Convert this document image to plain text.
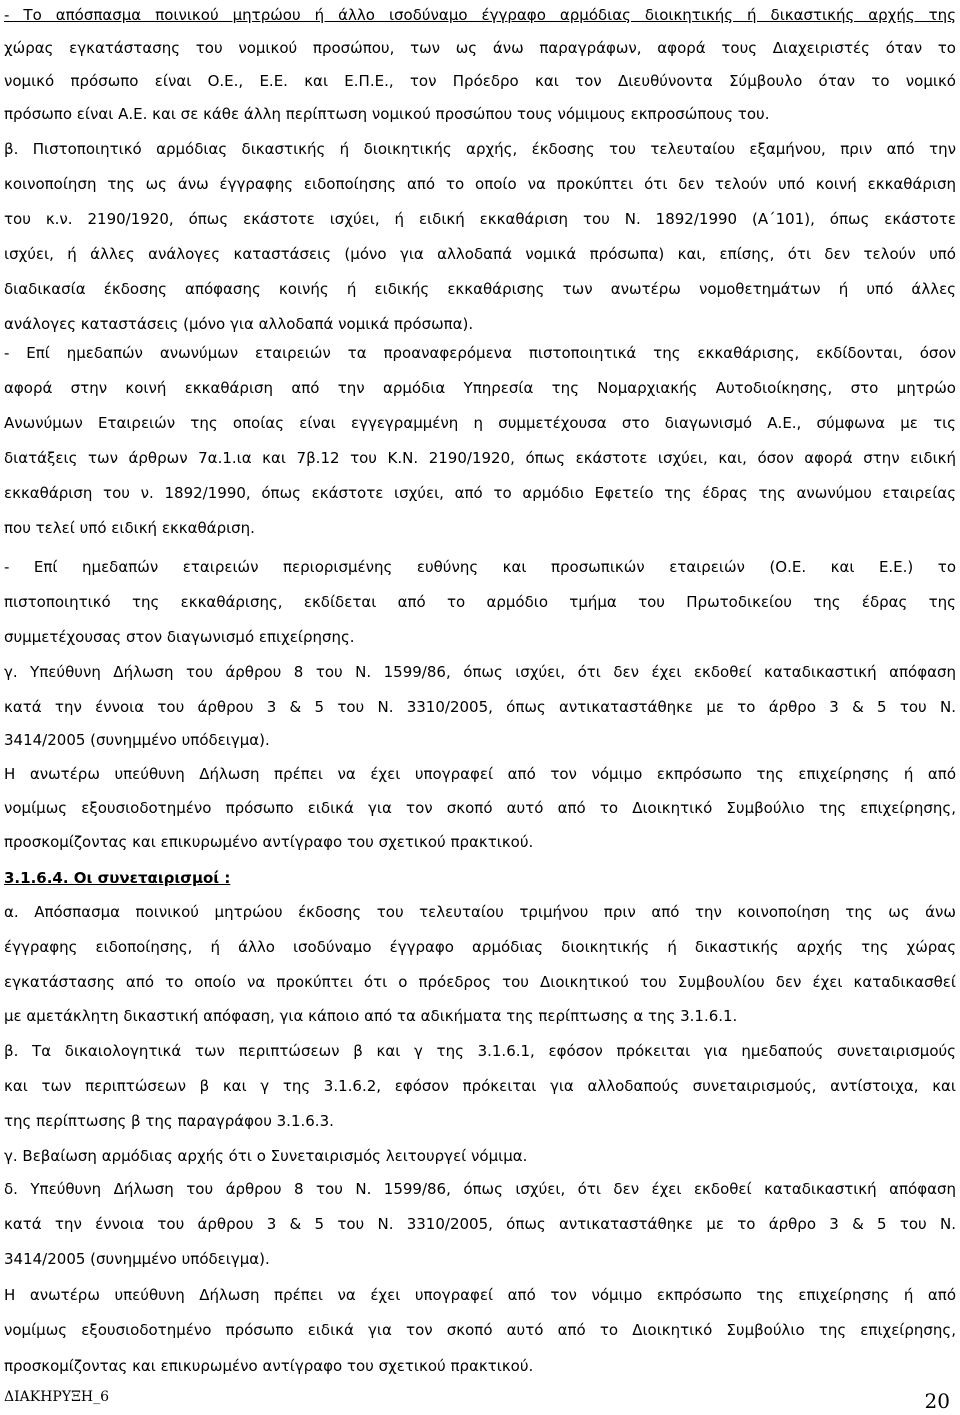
- Το απόσπασμα ποινικού μητρώου ή άλλο ισοδύναμο έγγραφο αρμόδιας διοικητικής ή δικαστικής αρχής της
χώρας εγκατάστασης του νομικού προσώπου, των ως άνω παραγράφων, αφορά τους Διαχειριστές όταν το
νομικό πρόσωπο είναι Ο.Ε., Ε.Ε. και Ε.Π.Ε., τον Πρόεδρο και τον Διευθύνοντα Σύμβουλο όταν το νομικό
πρόσωπο είναι Α.Ε. και σε κάθε άλλη περίπτωση νομικού προσώπου τους νόμιμους εκπροσώπους του.
β. Πιστοποιητικό αρμόδιας δικαστικής ή διοικητικής αρχής, έκδοσης του τελευταίου εξαμήνου, πριν από την
κοινοποίηση της ως άνω έγγραφης ειδοποίησης από το οποίο να προκύπτει ότι δεν τελούν υπό κοινή εκκαθάριση
του κ.ν. 2190/1920, όπως εκάστοτε ισχύει, ή ειδική εκκαθάριση του Ν. 1892/1990 (Α΄101), όπως εκάστοτε
ισχύει, ή άλλες ανάλογες καταστάσεις (μόνο για αλλοδαπά νομικά πρόσωπα) και, επίσης, ότι δεν τελούν υπό
διαδικασία έκδοσης απόφασης κοινής ή ειδικής εκκαθάρισης των ανωτέρω νομοθετημάτων ή υπό άλλες
ανάλογες καταστάσεις (μόνο για αλλοδαπά νομικά πρόσωπα).
- Επί ημεδαπών ανωνύμων εταιρειών τα προαναφερόμενα πιστοποιητικά της εκκαθάρισης, εκδίδονται, όσον
αφορά στην κοινή εκκαθάριση από την αρμόδια Υπηρεσία της Νομαρχιακής Αυτοδιοίκησης, στο μητρώο
Ανωνύμων Εταιρειών της οποίας είναι εγγεγραμμένη η συμμετέχουσα στο διαγωνισμό Α.Ε., σύμφωνα με τις
διατάξεις των άρθρων 7α.1.ια και 7β.12 του Κ.Ν. 2190/1920, όπως εκάστοτε ισχύει, και, όσον αφορά στην ειδική
εκκαθάριση του ν. 1892/1990, όπως εκάστοτε ισχύει, από το αρμόδιο Εφετείο της έδρας της ανωνύμου εταιρείας
που τελεί υπό ειδική εκκαθάριση.
- Επί ημεδαπών εταιρειών περιορισμένης ευθύνης και προσωπικών εταιρειών (Ο.Ε. και Ε.Ε.) το
πιστοποιητικό της εκκαθάρισης, εκδίδεται από το αρμόδιο τμήμα του Πρωτοδικείου της έδρας της
συμμετέχουσας στον διαγωνισμό επιχείρησης.
γ. Υπεύθυνη Δήλωση του άρθρου 8 του Ν. 1599/86, όπως ισχύει, ότι δεν έχει εκδοθεί καταδικαστική απόφαση
κατά την έννοια του άρθρου 3 & 5 του Ν. 3310/2005, όπως αντικαταστάθηκε με το άρθρο 3 & 5 του Ν.
3414/2005 (συνημμένο υπόδειγμα).
Η ανωτέρω υπεύθυνη Δήλωση πρέπει να έχει υπογραφεί από τον νόμιμο εκπρόσωπο της επιχείρησης ή από
νομίμως εξουσιοδοτημένο πρόσωπο ειδικά για τον σκοπό αυτό από το Διοικητικό Συμβούλιο της επιχείρησης,
προσκομίζοντας και επικυρωμένο αντίγραφο του σχετικού πρακτικού.
3.1.6.4. Οι συνεταιρισμοί :
α. Απόσπασμα ποινικού μητρώου έκδοσης του τελευταίου τριμήνου πριν από την κοινοποίηση της ως άνω
έγγραφης ειδοποίησης, ή άλλο ισοδύναμο έγγραφο αρμόδιας διοικητικής ή δικαστικής αρχής της χώρας
εγκατάστασης από το οποίο να προκύπτει ότι ο πρόεδρος του Διοικητικού του Συμβουλίου δεν έχει καταδικασθεί
με αμετάκλητη δικαστική απόφαση, για κάποιο από τα αδικήματα της περίπτωσης α της 3.1.6.1.
β. Τα δικαιολογητικά των περιπτώσεων β και γ της 3.1.6.1, εφόσον πρόκειται για ημεδαπούς συνεταιρισμούς
και των περιπτώσεων β και γ της 3.1.6.2, εφόσον πρόκειται για αλλοδαπούς συνεταιρισμούς, αντίστοιχα, και
της περίπτωσης β της παραγράφου 3.1.6.3.
γ. Βεβαίωση αρμόδιας αρχής ότι ο Συνεταιρισμός λειτουργεί νόμιμα.
δ. Υπεύθυνη Δήλωση του άρθρου 8 του Ν. 1599/86, όπως ισχύει, ότι δεν έχει εκδοθεί καταδικαστική απόφαση
κατά την έννοια του άρθρου 3 & 5 του Ν. 3310/2005, όπως αντικαταστάθηκε με το άρθρο 3 & 5 του Ν.
3414/2005 (συνημμένο υπόδειγμα).
Η ανωτέρω υπεύθυνη Δήλωση πρέπει να έχει υπογραφεί από τον νόμιμο εκπρόσωπο της επιχείρησης ή από
νομίμως εξουσιοδοτημένο πρόσωπο ειδικά για τον σκοπό αυτό από το Διοικητικό Συμβούλιο της επιχείρησης,
προσκομίζοντας και επικυρωμένο αντίγραφο του σχετικού πρακτικού.
ΔΙΑΚΗΡΥΞΗ_6	20
